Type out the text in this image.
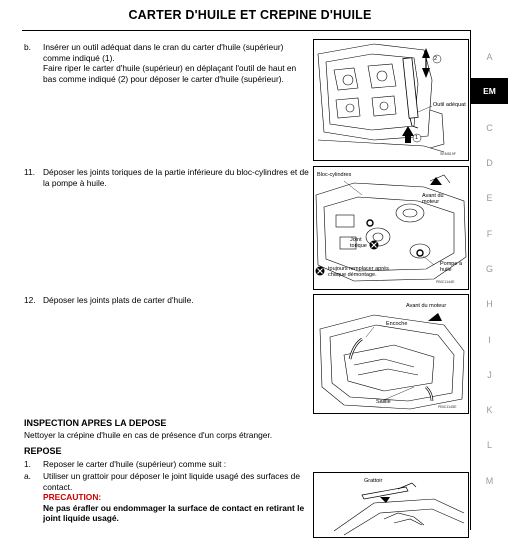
CARTER D'HUILE ET CREPINE D'HUILE
A
EM
C
D
E
F
G
H
I
J
K
L
M
b. Insérer un outil adéquat dans le cran du carter d'huile (supérieur) comme indiqué (1).
Faire riper le carter d'huile (supérieur) en déplaçant l'outil de haut en bas comme indiqué (2) pour déposer le carter d'huile (supérieur).
2
1
Outil adéquat
SEM519F
11. Déposer les joints toriques de la partie inférieure du bloc-cylindres et de la pompe à huile.
Bloc-cylindres
Avant du
moteur
Joint
torique
Pompe à
huile
toujours remplacer après
chaque démontage.
PBIC1144E
12. Déposer les joints plats de carter d'huile.
Avant du moteur
Encoche
Saillie
PBIC1145E
INSPECTION APRES LA DEPOSE
Nettoyer la crépine d'huile en cas de présence d'un corps étranger.
REPOSE
1. Reposer le carter d'huile (supérieur) comme suit :
a. Utiliser un grattoir pour déposer le joint liquide usagé des surfaces de contact.
PRECAUTION:
Ne pas érafler ou endommager la surface de contact en retirant le joint liquide usagé.
Grattoir
